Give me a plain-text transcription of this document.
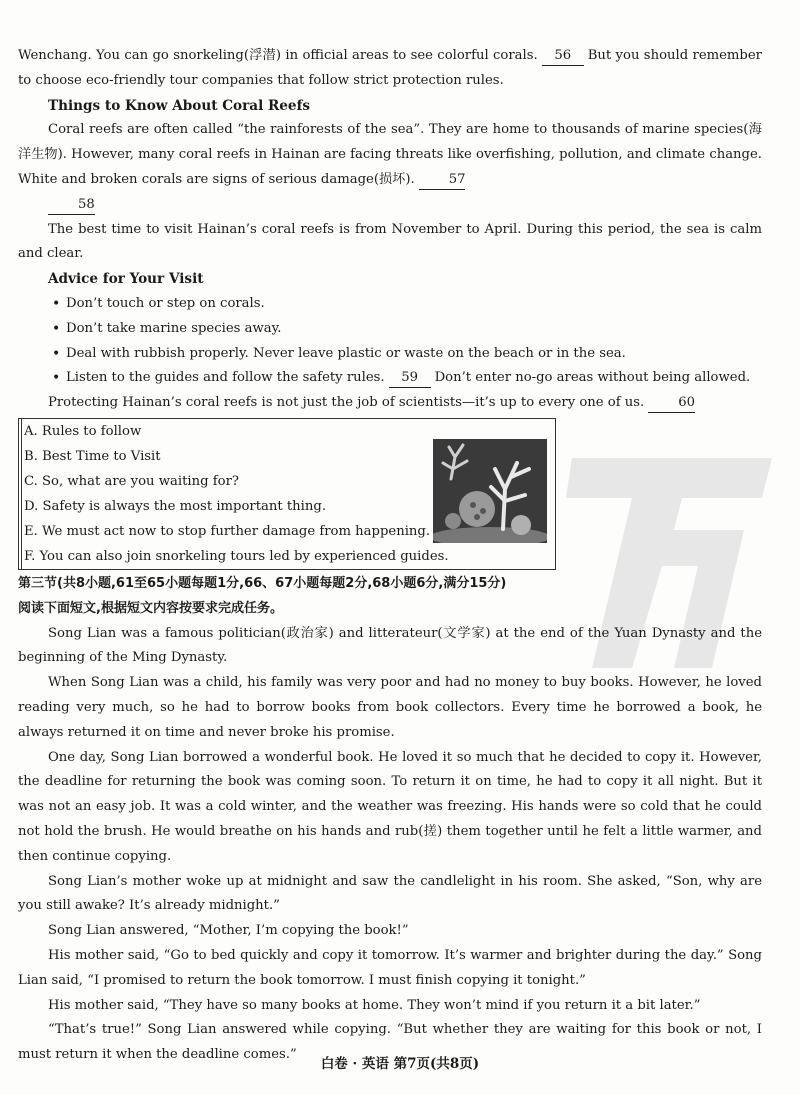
Wenchang. You can go snorkeling(浮潜) in official areas to see colorful corals. 56 But you should remember to choose eco-friendly tour companies that follow strict protection rules.

Things to Know About Coral Reefs

Coral reefs are often called “the rainforests of the sea”. They are home to thousands of marine species(海洋生物). However, many coral reefs in Hainan are facing threats like overfishing, pollution, and climate change. White and broken corals are signs of serious damage(损坏).	57

58

The best time to visit Hainan’s coral reefs is from November to April. During this period, the sea is calm and clear.

Advice for Your Visit

• Don’t touch or step on corals.
• Don’t take marine species away.
• Deal with rubbish properly. Never leave plastic or waste on the beach or in the sea.
• Listen to the guides and follow the safety rules. 59 Don’t enter no-go areas without being allowed.

Protecting Hainan’s coral reefs is not just the job of scientists—it’s up to every one of us.	60

A. Rules to follow
B. Best Time to Visit
C. So, what are you waiting for?
D. Safety is always the most important thing.
E. We must act now to stop further damage from happening.
F. You can also join snorkeling tours led by experienced guides.

第三节(共8小题,61至65小题每题1分,66、67小题每题2分,68小题6分,满分15分)

阅读下面短文,根据短文内容按要求完成任务。

Song Lian was a famous politician(政治家) and litterateur(文学家) at the end of the Yuan Dynasty and the beginning of the Ming Dynasty.

When Song Lian was a child, his family was very poor and had no money to buy books. However, he loved reading very much, so he had to borrow books from book collectors. Every time he borrowed a book, he always returned it on time and never broke his promise.

One day, Song Lian borrowed a wonderful book. He loved it so much that he decided to copy it. However, the deadline for returning the book was coming soon. To return it on time, he had to copy it all night. But it was not an easy job. It was a cold winter, and the weather was freezing. His hands were so cold that he could not hold the brush. He would breathe on his hands and rub(搓) them together until he felt a little warmer, and then continue copying.

Song Lian’s mother woke up at midnight and saw the candlelight in his room. She asked, “Son, why are you still awake? It’s already midnight.”

Song Lian answered, “Mother, I’m copying the book!”

His mother said, “Go to bed quickly and copy it tomorrow. It’s warmer and brighter during the day.” Song Lian said, “I promised to return the book tomorrow. I must finish copying it tonight.”

His mother said, “They have so many books at home. They won’t mind if you return it a bit later.”

“That’s true!” Song Lian answered while copying. “But whether they are waiting for this book or not, I must return it when the deadline comes.”

白卷 · 英语 第7页(共8页)
